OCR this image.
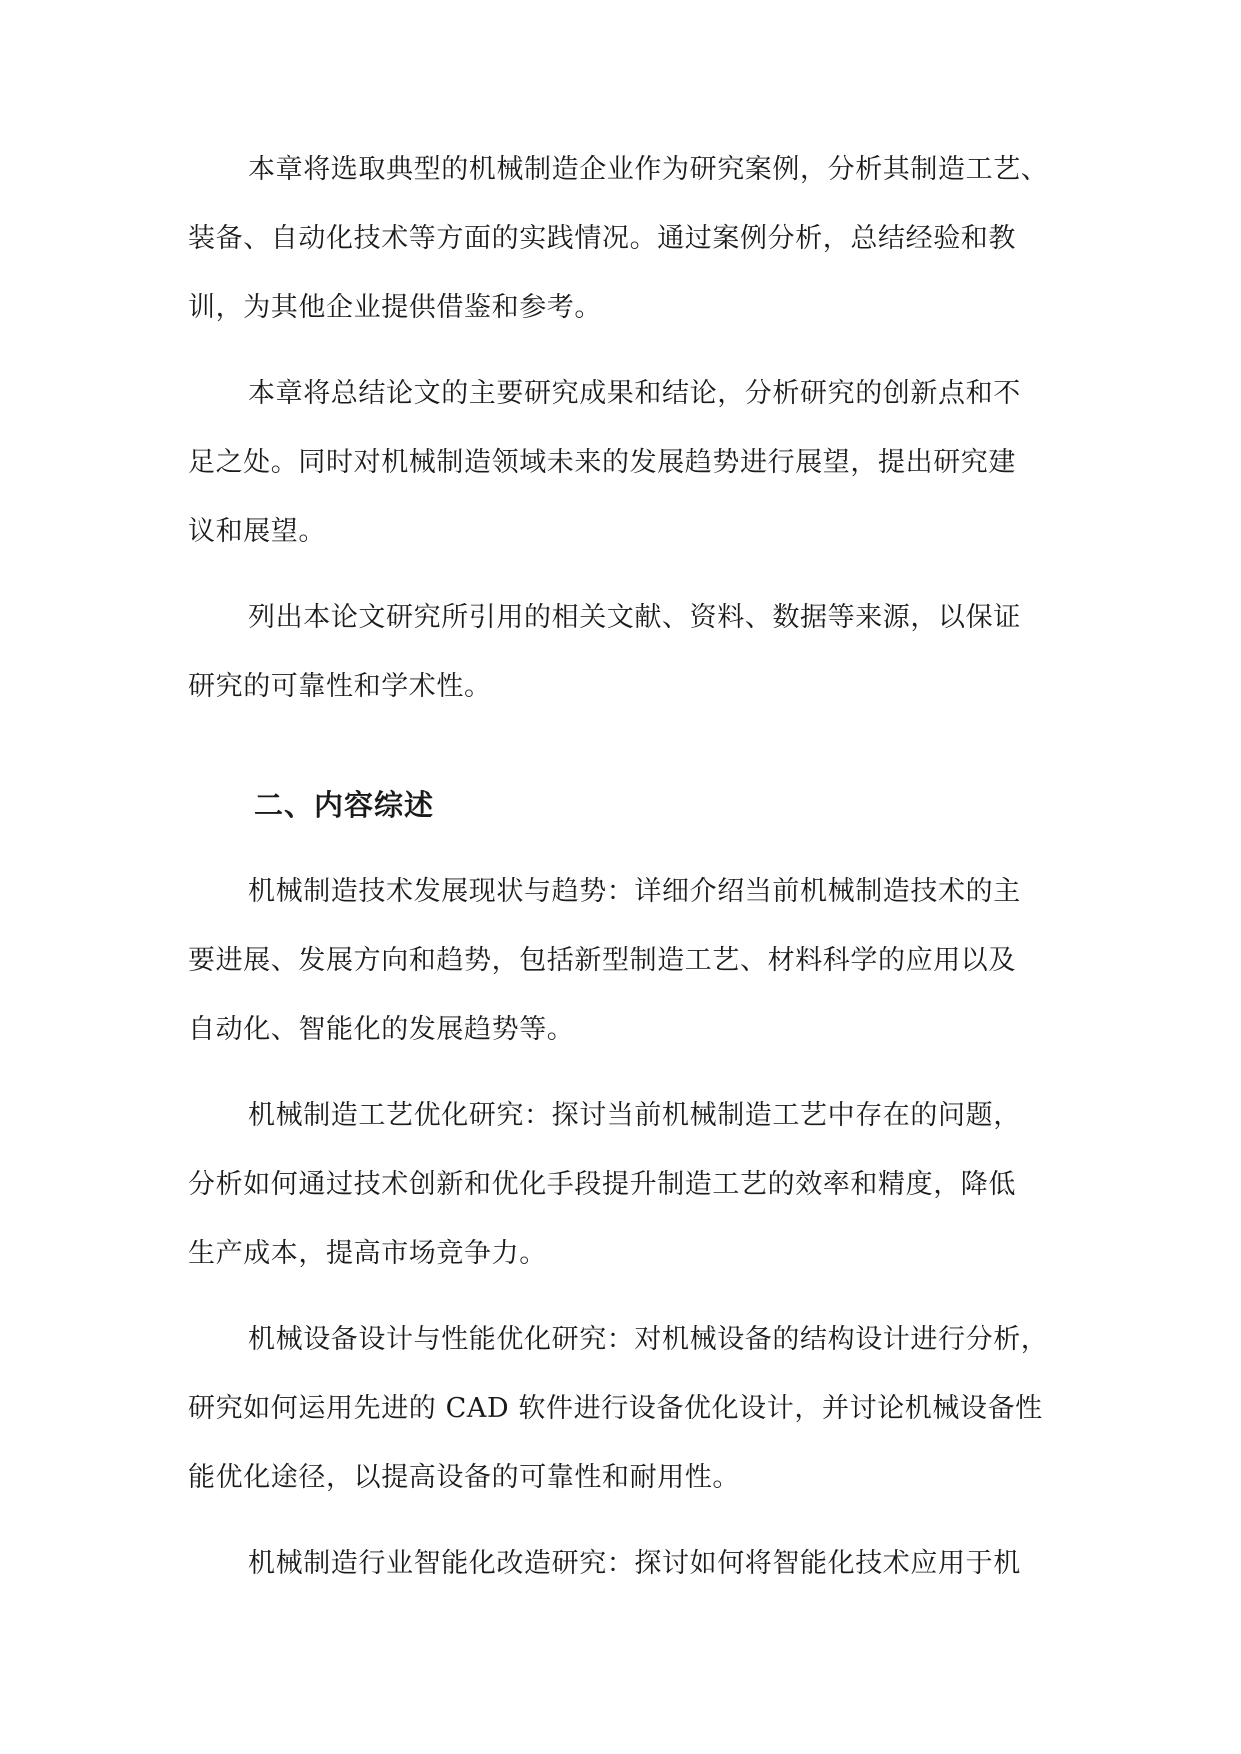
本章将选取典型的机械制造企业作为研究案例，分析其制造工艺、
装备、自动化技术等方面的实践情况。通过案例分析，总结经验和教
训，为其他企业提供借鉴和参考。
本章将总结论文的主要研究成果和结论，分析研究的创新点和不
足之处。同时对机械制造领域未来的发展趋势进行展望，提出研究建
议和展望。
列出本论文研究所引用的相关文献、资料、数据等来源，以保证
研究的可靠性和学术性。
二、内容综述
机械制造技术发展现状与趋势：详细介绍当前机械制造技术的主
要进展、发展方向和趋势，包括新型制造工艺、材料科学的应用以及
自动化、智能化的发展趋势等。
机械制造工艺优化研究：探讨当前机械制造工艺中存在的问题，
分析如何通过技术创新和优化手段提升制造工艺的效率和精度，降低
生产成本，提高市场竞争力。
机械设备设计与性能优化研究：对机械设备的结构设计进行分析，
研究如何运用先进的 CAD 软件进行设备优化设计，并讨论机械设备性
能优化途径，以提高设备的可靠性和耐用性。
机械制造行业智能化改造研究：探讨如何将智能化技术应用于机
